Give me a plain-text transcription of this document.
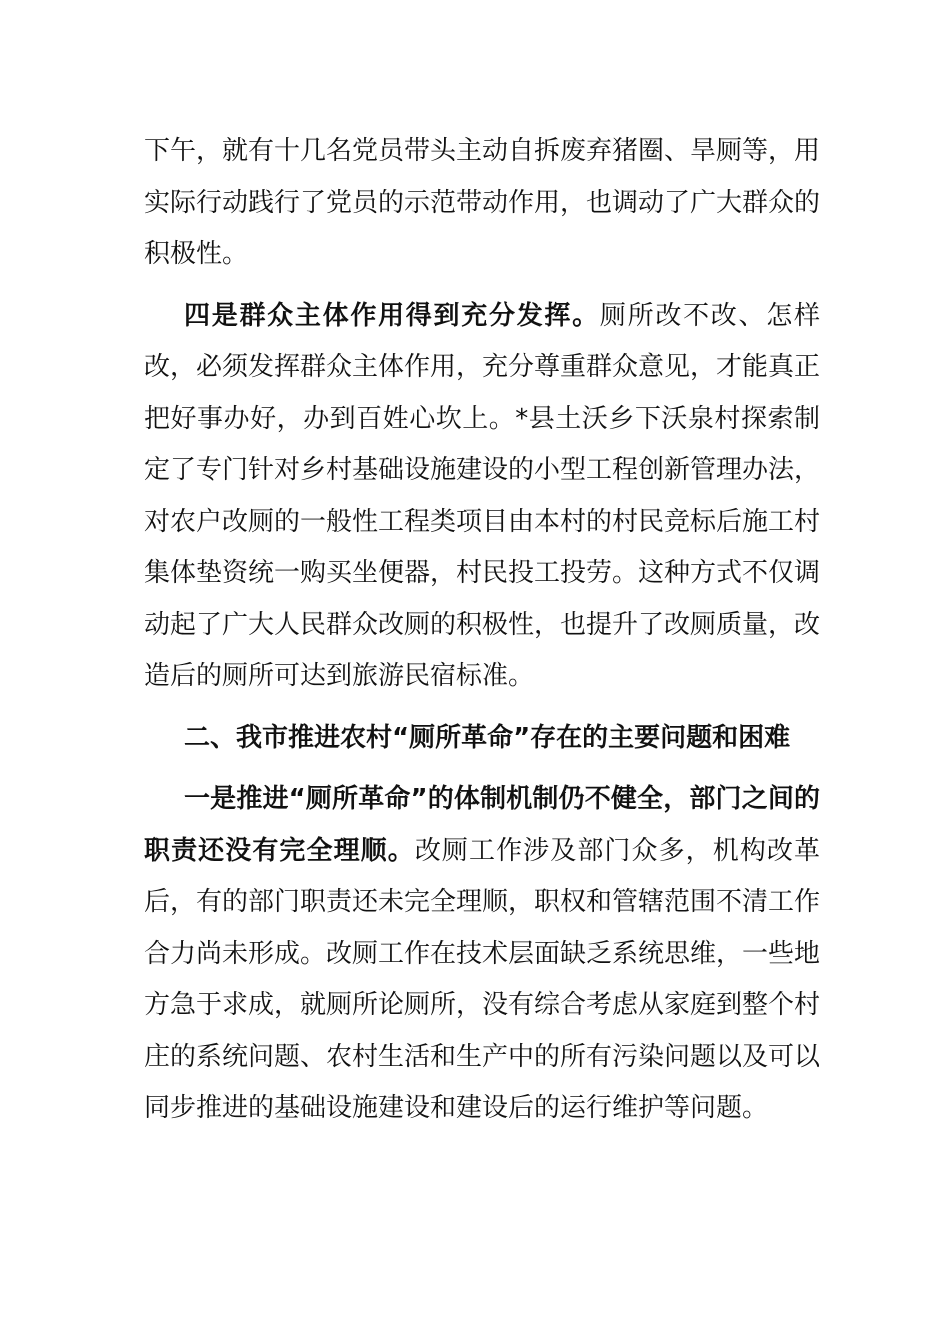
下午，就有十几名党员带头主动自拆废弃猪圈、旱厕等，用实际行动践行了党员的示范带动作用，也调动了广大群众的积极性。

四是群众主体作用得到充分发挥。厕所改不改、怎样改，必须发挥群众主体作用，充分尊重群众意见，才能真正把好事办好，办到百姓心坎上。*县土沃乡下沃泉村探索制定了专门针对乡村基础设施建设的小型工程创新管理办法，对农户改厕的一般性工程类项目由本村的村民竞标后施工村集体垫资统一购买坐便器，村民投工投劳。这种方式不仅调动起了广大人民群众改厕的积极性，也提升了改厕质量，改造后的厕所可达到旅游民宿标准。

二、我市推进农村“厕所革命”存在的主要问题和困难

一是推进“厕所革命”的体制机制仍不健全，部门之间的职责还没有完全理顺。改厕工作涉及部门众多，机构改革后，有的部门职责还未完全理顺，职权和管辖范围不清工作合力尚未形成。改厕工作在技术层面缺乏系统思维，一些地方急于求成，就厕所论厕所，没有综合考虑从家庭到整个村庄的系统问题、农村生活和生产中的所有污染问题以及可以同步推进的基础设施建设和建设后的运行维护等问题。
